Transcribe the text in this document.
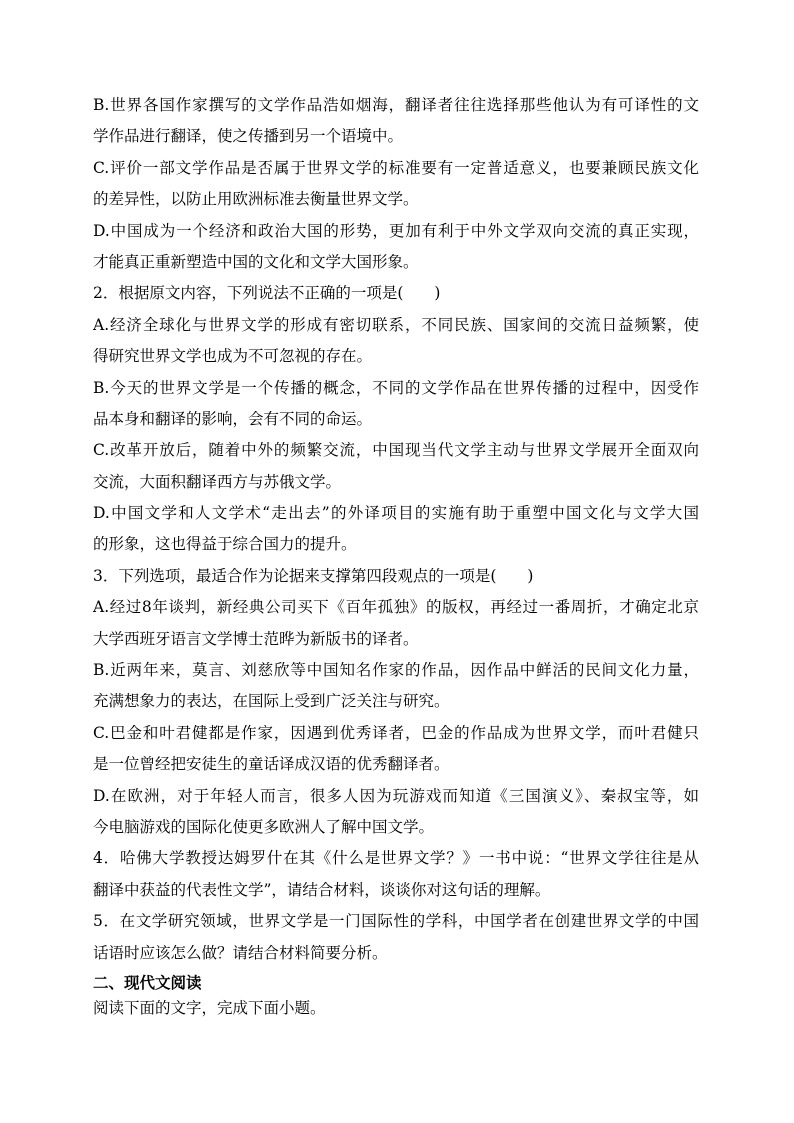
B.世界各国作家撰写的文学作品浩如烟海，翻译者往往选择那些他认为有可译性的文
学作品进行翻译，使之传播到另一个语境中。
C.评价一部文学作品是否属于世界文学的标准要有一定普适意义，也要兼顾民族文化
的差异性，以防止用欧洲标准去衡量世界文学。
D.中国成为一个经济和政治大国的形势，更加有利于中外文学双向交流的真正实现，
才能真正重新塑造中国的文化和文学大国形象。
2．根据原文内容，下列说法不正确的一项是(　　)
A.经济全球化与世界文学的形成有密切联系，不同民族、国家间的交流日益频繁，使
得研究世界文学也成为不可忽视的存在。
B.今天的世界文学是一个传播的概念，不同的文学作品在世界传播的过程中，因受作
品本身和翻译的影响，会有不同的命运。
C.改革开放后，随着中外的频繁交流，中国现当代文学主动与世界文学展开全面双向
交流，大面积翻译西方与苏俄文学。
D.中国文学和人文学术“走出去”的外译项目的实施有助于重塑中国文化与文学大国
的形象，这也得益于综合国力的提升。
3．下列选项，最适合作为论据来支撑第四段观点的一项是(　　)
A.经过8年谈判，新经典公司买下《百年孤独》的版权，再经过一番周折，才确定北京
大学西班牙语言文学博士范晔为新版书的译者。
B.近两年来，莫言、刘慈欣等中国知名作家的作品，因作品中鲜活的民间文化力量，
充满想象力的表达，在国际上受到广泛关注与研究。
C.巴金和叶君健都是作家，因遇到优秀译者，巴金的作品成为世界文学，而叶君健只
是一位曾经把安徒生的童话译成汉语的优秀翻译者。
D.在欧洲，对于年轻人而言，很多人因为玩游戏而知道《三国演义》、秦叔宝等，如
今电脑游戏的国际化使更多欧洲人了解中国文学。
4．哈佛大学教授达姆罗什在其《什么是世界文学？》一书中说：“世界文学往往是从
翻译中获益的代表性文学”，请结合材料，谈谈你对这句话的理解。
5．在文学研究领域，世界文学是一门国际性的学科，中国学者在创建世界文学的中国
话语时应该怎么做？请结合材料简要分析。
二、现代文阅读
阅读下面的文字，完成下面小题。
